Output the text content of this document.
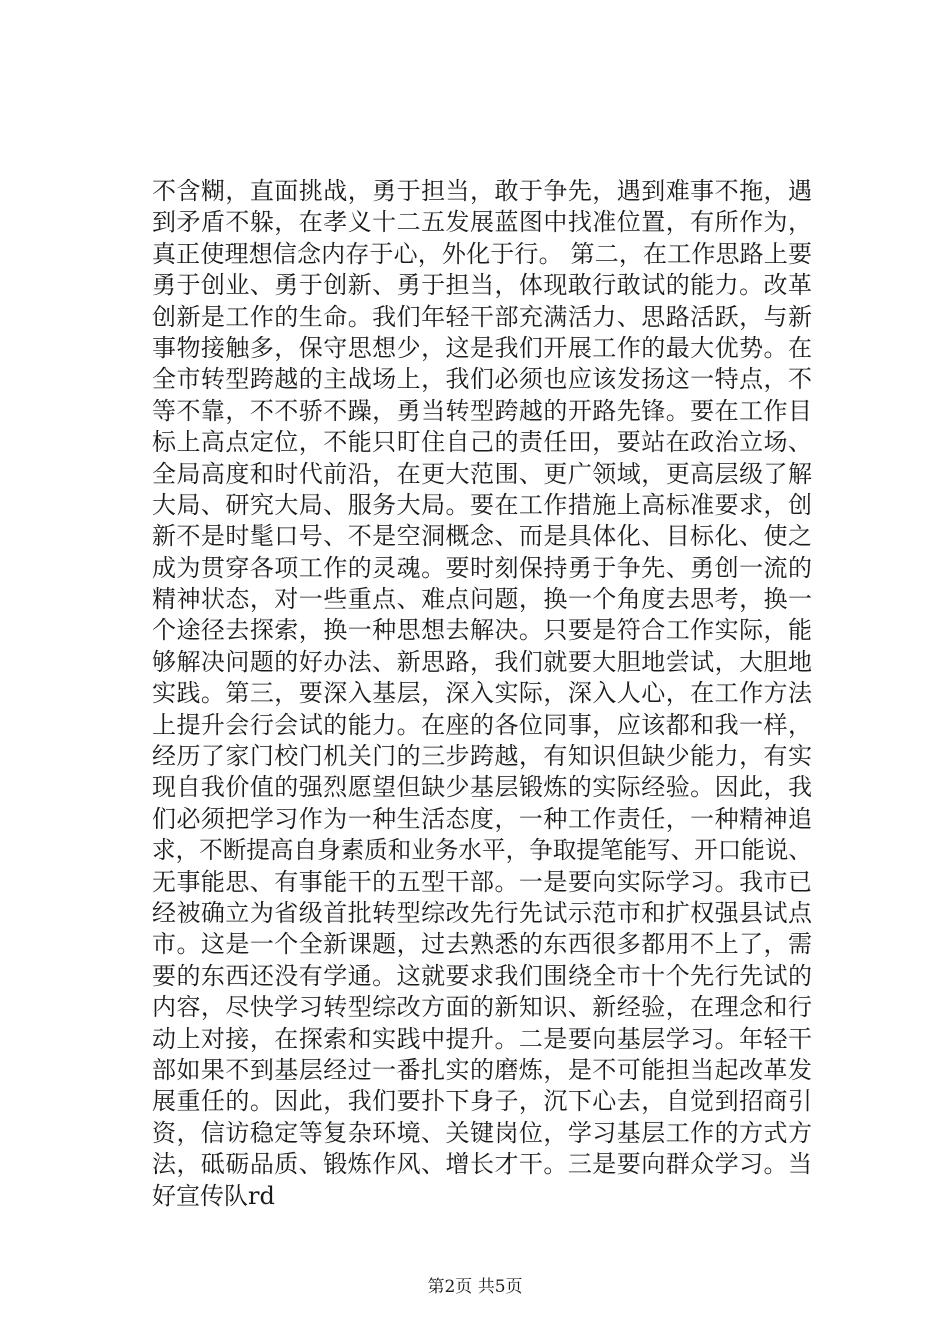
不含糊，直面挑战，勇于担当，敢于争先，遇到难事不拖，遇
到矛盾不躲，在孝义十二五发展蓝图中找准位置，有所作为，
真正使理想信念内存于心，外化于行。 第二，在工作思路上要
勇于创业、勇于创新、勇于担当，体现敢行敢试的能力。改革
创新是工作的生命。我们年轻干部充满活力、思路活跃，与新
事物接触多，保守思想少，这是我们开展工作的最大优势。在
全市转型跨越的主战场上，我们必须也应该发扬这一特点，不
等不靠，不不骄不躁，勇当转型跨越的开路先锋。要在工作目
标上高点定位，不能只盯住自己的责任田，要站在政治立场、
全局高度和时代前沿，在更大范围、更广领域，更高层级了解
大局、研究大局、服务大局。要在工作措施上高标准要求，创
新不是时髦口号、不是空洞概念、而是具体化、目标化、使之
成为贯穿各项工作的灵魂。要时刻保持勇于争先、勇创一流的
精神状态，对一些重点、难点问题，换一个角度去思考，换一
个途径去探索，换一种思想去解决。只要是符合工作实际，能
够解决问题的好办法、新思路，我们就要大胆地尝试，大胆地
实践。第三，要深入基层，深入实际，深入人心，在工作方法
上提升会行会试的能力。在座的各位同事，应该都和我一样，
经历了家门校门机关门的三步跨越，有知识但缺少能力，有实
现自我价值的强烈愿望但缺少基层锻炼的实际经验。因此，我
们必须把学习作为一种生活态度，一种工作责任，一种精神追
求，不断提高自身素质和业务水平，争取提笔能写、开口能说、
无事能思、有事能干的五型干部。一是要向实际学习。我市已
经被确立为省级首批转型综改先行先试示范市和扩权强县试点
市。这是一个全新课题，过去熟悉的东西很多都用不上了，需
要的东西还没有学通。这就要求我们围绕全市十个先行先试的
内容，尽快学习转型综改方面的新知识、新经验，在理念和行
动上对接，在探索和实践中提升。二是要向基层学习。年轻干
部如果不到基层经过一番扎实的磨炼，是不可能担当起改革发
展重任的。因此，我们要扑下身子，沉下心去，自觉到招商引
资，信访稳定等复杂环境、关键岗位，学习基层工作的方式方
法，砥砺品质、锻炼作风、增长才干。三是要向群众学习。当
好宣传队rd
第2页 共5页
